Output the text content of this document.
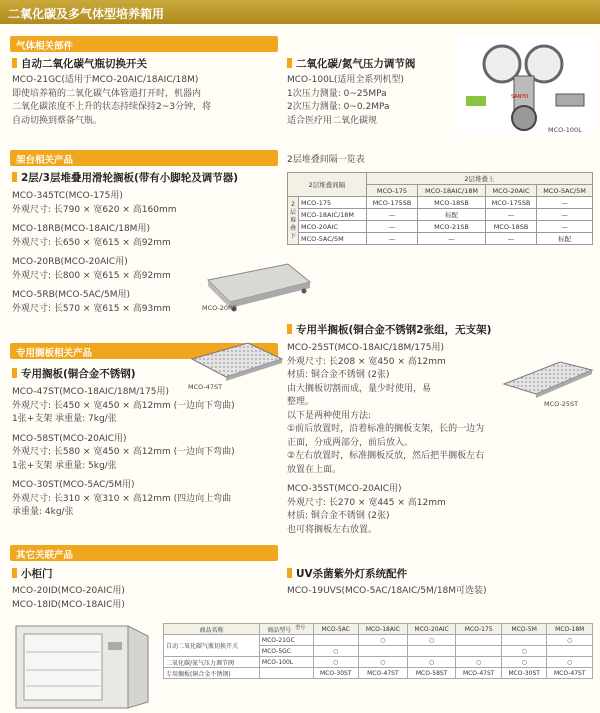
二氧化碳及多气体型培养箱用
气体相关部件
自动二氧化碳气瓶切换开关
MCO-21GC(适用于MCO-20AIC/18AIC/18M)
即使培养箱的二氧化碳气体管道打开时，机器内
二氧化碳浓度不上升的状态持续保持2~3分钟，将
自动切换到蔡备气瓶。
二氧化碳/氮气压力调节阀
MCO-100L(适用全系列机型)
1次压力测量: 0~25MPa
2次压力测量: 0~0.2MPa
适合医疗用二氧化碳规
SANYO
MCO-100L
架台相关产品
2层/3层堆叠用滑轮搁板(带有小脚轮及调节器)
MCO-345TC(MCO-175用)
外观尺寸: 长790 × 宽620 × 高160mm

MCO-18RB(MCO-18AIC/18M用)
外观尺寸: 长650 × 宽615 × 高92mm

MCO-20RB(MCO-20AIC用)
外观尺寸: 长800 × 宽615 × 高92mm

MCO-5RB(MCO-5AC/5M用)
外观尺寸: 长570 × 宽615 × 高93mm	MCO-20RB
2层堆叠间隔一览表
2层堆叠间隔		2层堆叠上			
		MCO-175	MCO-18AIC/18M	MCO-20AIC	MCO-5AC/5M
2层堆叠下	MCO-175	MCO-175SB	MCO-18SB	MCO-175SB	—
	MCO-18AIC/18M	—	标配	—	—
	MCO-20AIC	—	MCO-21SB	MCO-18SB	—
	MCO-5AC/5M	—	—	—	标配
专用搁板相关产品
专用搁板(铜合金不锈钢)
MCO-47ST(MCO-18AIC/18M/175用)
外观尺寸: 长450 × 宽450 × 高12mm (一边向下弯曲)
1张+支架 承重量: 7kg/张

MCO-58ST(MCO-20AIC用)
外观尺寸: 长580 × 宽450 × 高12mm (一边向下弯曲)
1张+支架 承重量: 5kg/张

MCO-30ST(MCO-5AC/5M用)
外观尺寸: 长310 × 宽310 × 高12mm (四边向上弯曲
承重量: 4kg/张
MCO-47ST
专用半搁板(铜合金不锈钢2张组，无支架)
MCO-25ST(MCO-18AIC/18M/175用)
外观尺寸: 长208 × 宽450 × 高12mm
材质: 铜合金不锈钢 (2张)
由大搁板切割而成，量少时使用，易
整理。
以下是两种使用方法:
①前后放置时，沿着标准的搁板支架，长的一边为
正面，分成两部分，前后放入。
②左右放置时，标准搁板反放，然后把半搁板左右
放置在上面。

MCO-35ST(MCO-20AIC用)
外观尺寸: 长270 × 宽445 × 高12mm
材质: 铜合金不锈钢 (2张)
也可将搁板左右放置。
MCO-25ST
其它关联产品
小柜门
MCO-20ID(MCO-20AIC用)
MCO-18ID(MCO-18AIC用)
UV杀菌紫外灯系统配件
MCO-19UVS(MCO-5AC/18AIC/5M/18M可选装)
商品名称	商品型号 $^{型号}$	MCO-5AC	MCO-18AIC	MCO-20AIC	MCO-175	MCO-5M	MCO-18M
自动二氧化碳气瓶切换开关	MCO-21GC		○	○			○
	MCO-5GC	○				○	
二氧化碳/氮气压力调节阀	MCO-100L	○	○	○	○	○	○
专用搁板(铜合金不锈钢)		MCO-30ST	MCO-47ST	MCO-58ST	MCO-47ST	MCO-30ST	MCO-47ST
